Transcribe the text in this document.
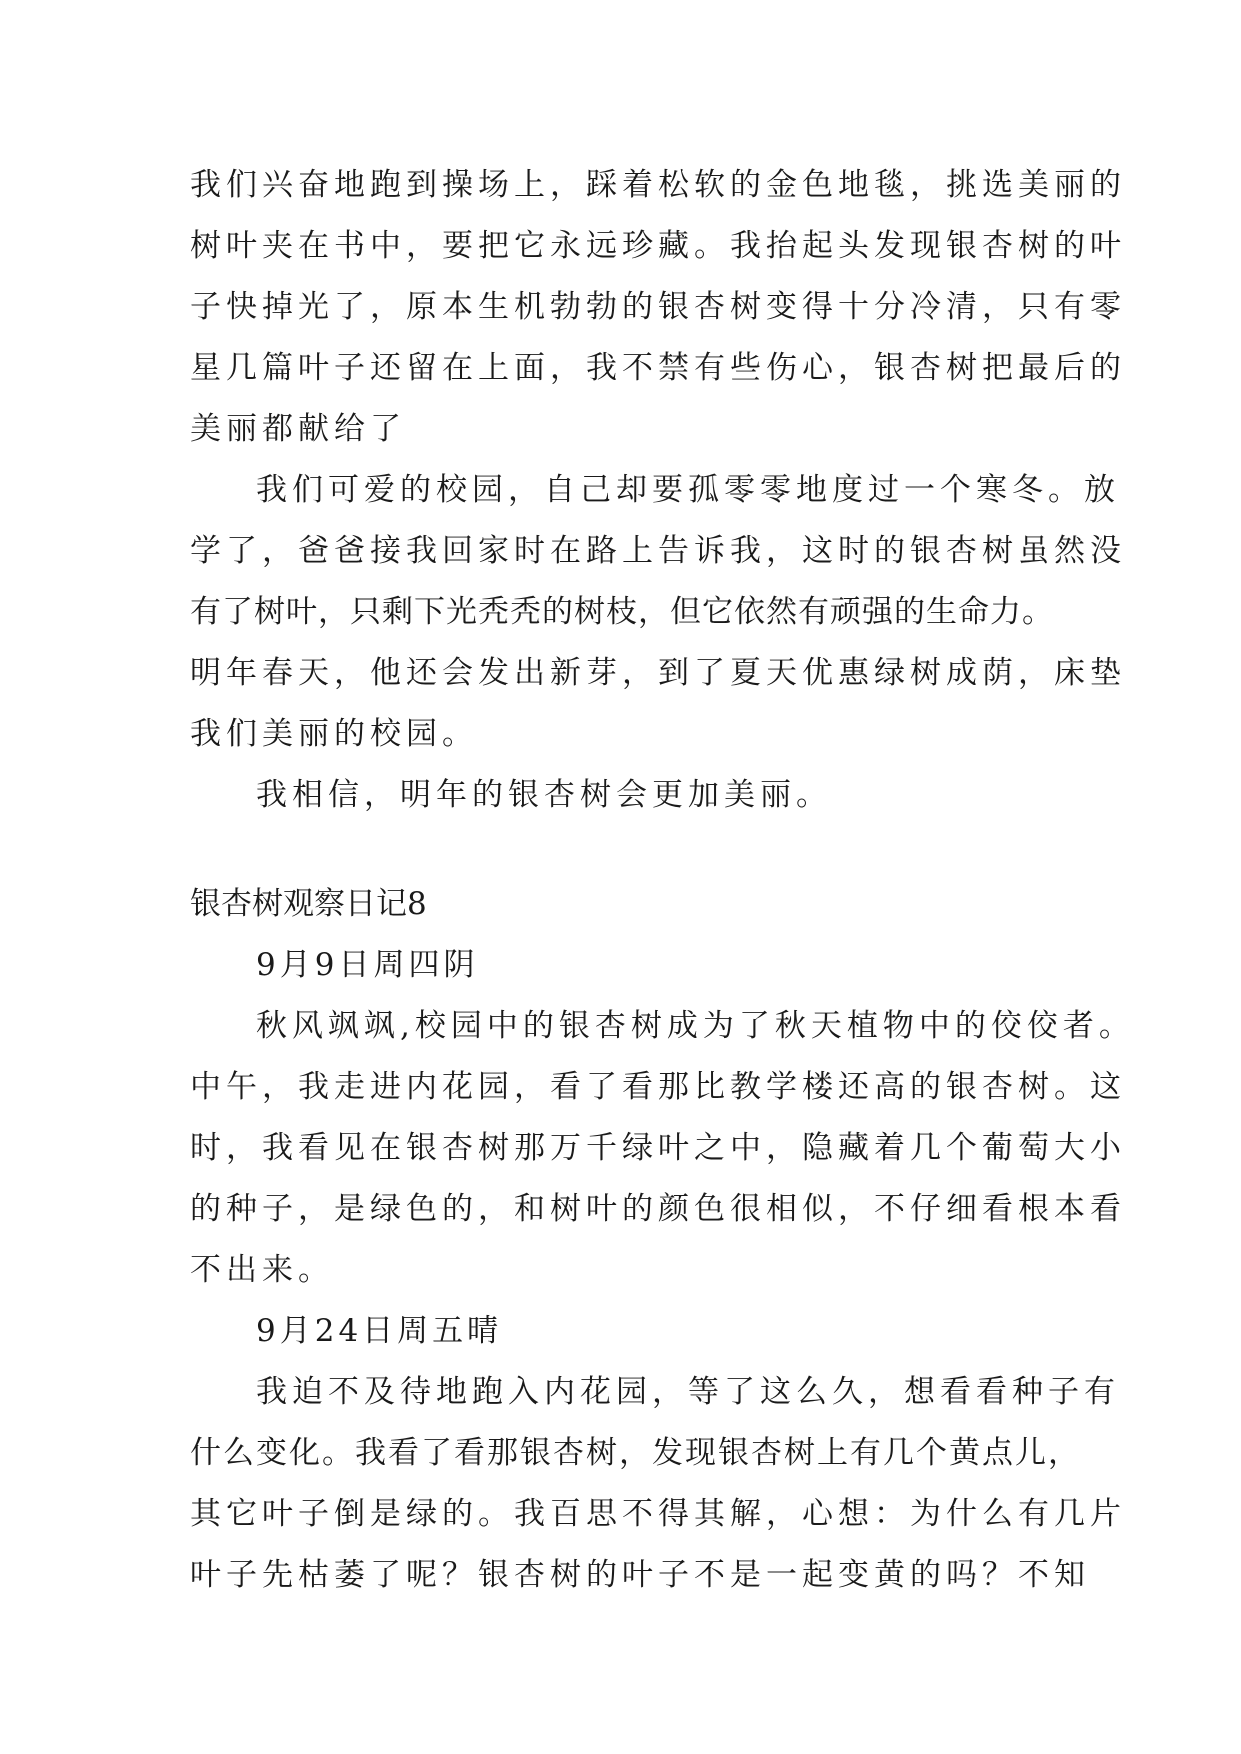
我们兴奋地跑到操场上，踩着松软的金色地毯，挑选美丽的
树叶夹在书中，要把它永远珍藏。我抬起头发现银杏树的叶
子快掉光了，原本生机勃勃的银杏树变得十分冷清，只有零
星几篇叶子还留在上面，我不禁有些伤心，银杏树把最后的
美丽都献给了
我们可爱的校园，自己却要孤零零地度过一个寒冬。放
学了，爸爸接我回家时在路上告诉我，这时的银杏树虽然没
有了树叶，只剩下光秃秃的树枝，但它依然有顽强的生命力。
明年春天，他还会发出新芽，到了夏天优惠绿树成荫，床垫
我们美丽的校园。
我相信，明年的银杏树会更加美丽。
银杏树观察日记8
9月9日周四阴
秋风飒飒,校园中的银杏树成为了秋天植物中的佼佼者。
中午，我走进内花园，看了看那比教学楼还高的银杏树。这
时，我看见在银杏树那万千绿叶之中，隐藏着几个葡萄大小
的种子，是绿色的，和树叶的颜色很相似，不仔细看根本看
不出来。
9月24日周五晴
我迫不及待地跑入内花园，等了这么久，想看看种子有
什么变化。我看了看那银杏树，发现银杏树上有几个黄点儿，
其它叶子倒是绿的。我百思不得其解，心想：为什么有几片
叶子先枯萎了呢？银杏树的叶子不是一起变黄的吗？不知
